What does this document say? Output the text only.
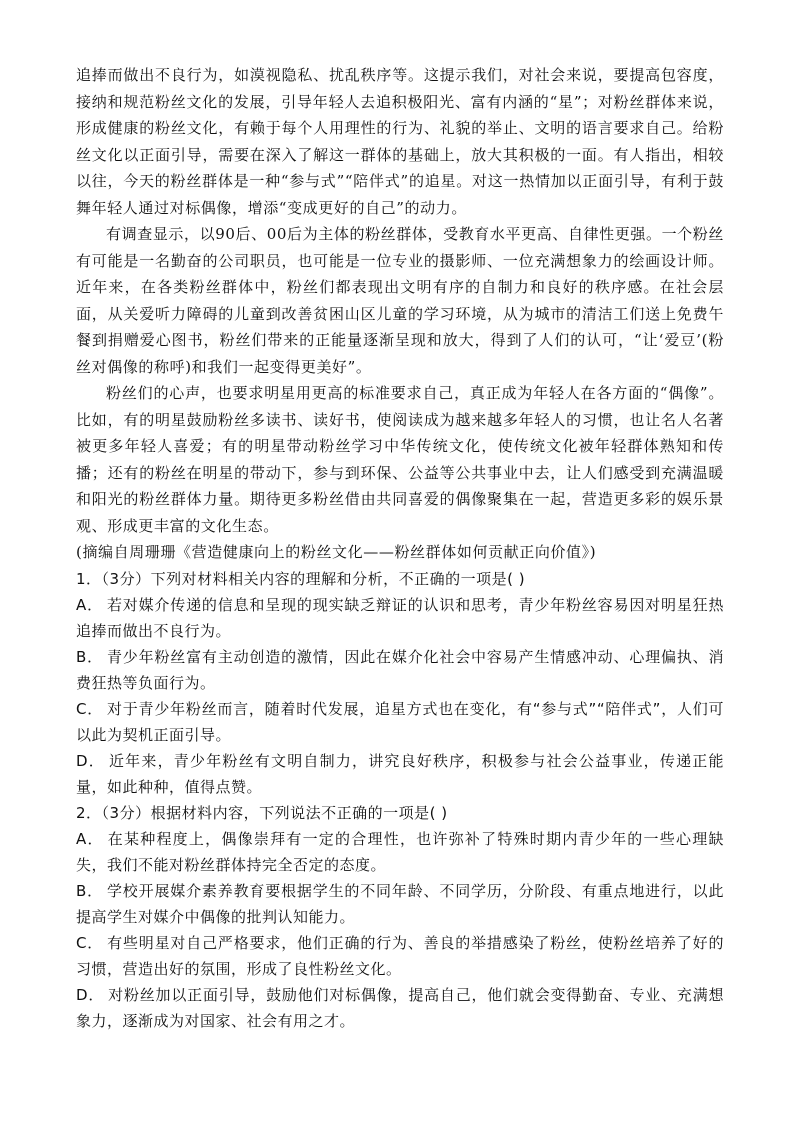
追捧而做出不良行为，如漠视隐私、扰乱秩序等。这提示我们，对社会来说，要提高包容度，接纳和规范粉丝文化的发展，引导年轻人去追积极阳光、富有内涵的“星”；对粉丝群体来说，形成健康的粉丝文化，有赖于每个人用理性的行为、礼貌的举止、文明的语言要求自己。给粉丝文化以正面引导，需要在深入了解这一群体的基础上，放大其积极的一面。有人指出，相较以往，今天的粉丝群体是一种“参与式”“陪伴式”的追星。对这一热情加以正面引导，有利于鼓舞年轻人通过对标偶像，增添“变成更好的自己”的动力。

有调查显示，以90后、00后为主体的粉丝群体，受教育水平更高、自律性更强。一个粉丝有可能是一名勤奋的公司职员，也可能是一位专业的摄影师、一位充满想象力的绘画设计师。近年来，在各类粉丝群体中，粉丝们都表现出文明有序的自制力和良好的秩序感。在社会层面，从关爱听力障碍的儿童到改善贫困山区儿童的学习环境，从为城市的清洁工们送上免费午餐到捐赠爱心图书，粉丝们带来的正能量逐渐呈现和放大，得到了人们的认可，“让‘爱豆’(粉丝对偶像的称呼)和我们一起变得更美好”。

粉丝们的心声，也要求明星用更高的标准要求自己，真正成为年轻人在各方面的“偶像”。比如，有的明星鼓励粉丝多读书、读好书，使阅读成为越来越多年轻人的习惯，也让名人名著被更多年轻人喜爱；有的明星带动粉丝学习中华传统文化，使传统文化被年轻群体熟知和传播；还有的粉丝在明星的带动下，参与到环保、公益等公共事业中去，让人们感受到充满温暖和阳光的粉丝群体力量。期待更多粉丝借由共同喜爱的偶像聚集在一起，营造更多彩的娱乐景观、形成更丰富的文化生态。

(摘编自周珊珊《营造健康向上的粉丝文化——粉丝群体如何贡献正向价值》)

1．（3分）下列对材料相关内容的理解和分析，不正确的一项是( )

A． 若对媒介传递的信息和呈现的现实缺乏辩证的认识和思考，青少年粉丝容易因对明星狂热追捧而做出不良行为。

B． 青少年粉丝富有主动创造的激情，因此在媒介化社会中容易产生情感冲动、心理偏执、消费狂热等负面行为。

C． 对于青少年粉丝而言，随着时代发展，追星方式也在变化，有“参与式”“陪伴式”，人们可以此为契机正面引导。

D． 近年来，青少年粉丝有文明自制力，讲究良好秩序，积极参与社会公益事业，传递正能量，如此种种，值得点赞。

2．（3分）根据材料内容，下列说法不正确的一项是( )

A． 在某种程度上，偶像崇拜有一定的合理性，也许弥补了特殊时期内青少年的一些心理缺失，我们不能对粉丝群体持完全否定的态度。

B． 学校开展媒介素养教育要根据学生的不同年龄、不同学历，分阶段、有重点地进行，以此提高学生对媒介中偶像的批判认知能力。

C． 有些明星对自己严格要求，他们正确的行为、善良的举措感染了粉丝，使粉丝培养了好的习惯，营造出好的氛围，形成了良性粉丝文化。

D． 对粉丝加以正面引导，鼓励他们对标偶像，提高自己，他们就会变得勤奋、专业、充满想象力，逐渐成为对国家、社会有用之才。
